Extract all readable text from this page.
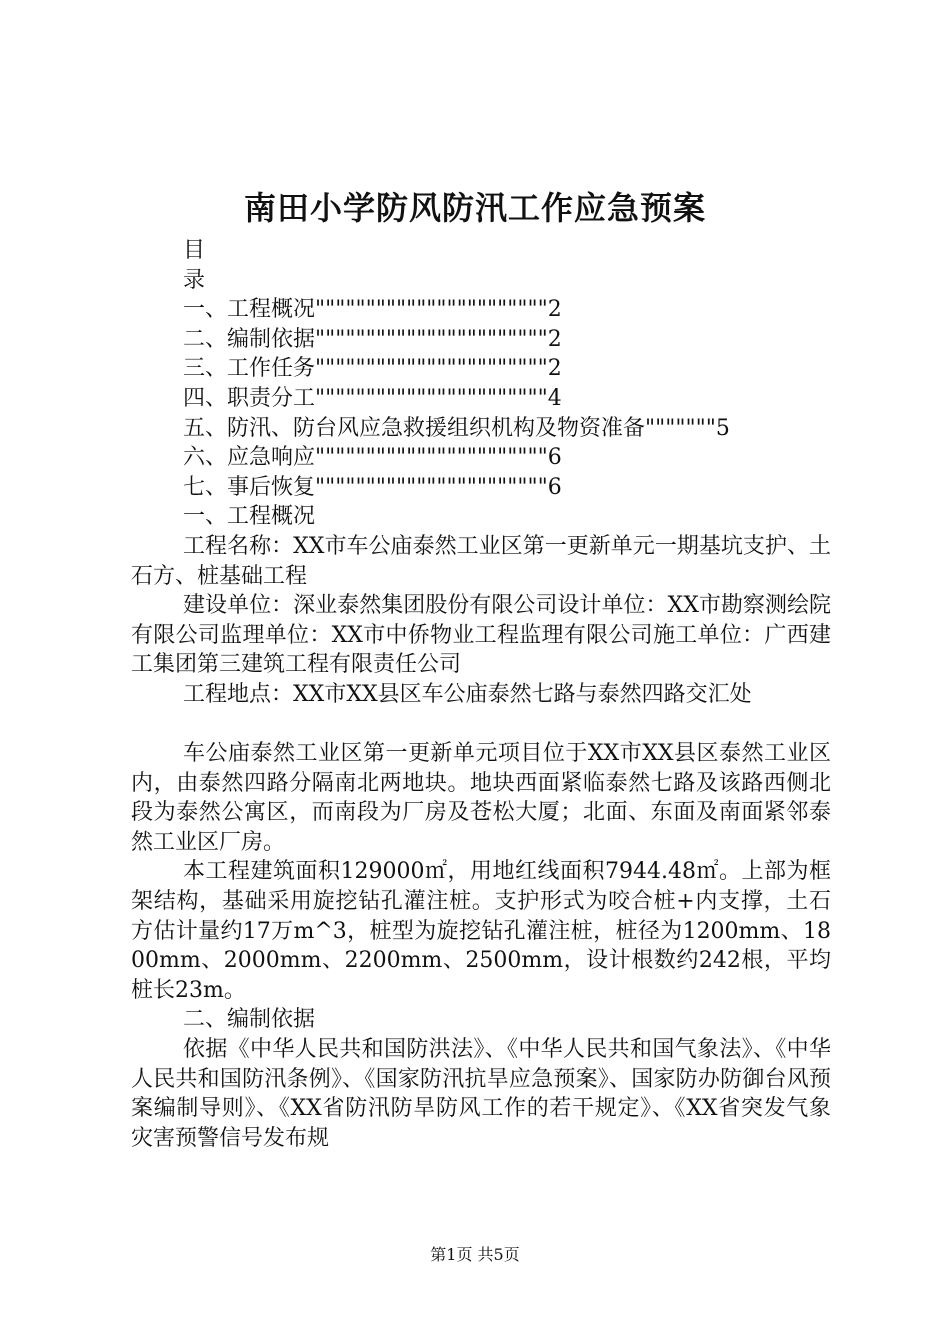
南田小学防风防汛工作应急预案
目
录
一、工程概况"""""""""""""""""""""""2
二、编制依据"""""""""""""""""""""""2
三、工作任务"""""""""""""""""""""""2
四、职责分工"""""""""""""""""""""""4
五、防汛、防台风应急救援组织机构及物资准备"""""""5
六、应急响应"""""""""""""""""""""""6
七、事后恢复"""""""""""""""""""""""6
一、工程概况
工程名称：XX市车公庙泰然工业区第一更新单元一期基坑支护、土石方、桩基础工程
建设单位：深业泰然集团股份有限公司设计单位：XX市勘察测绘院有限公司监理单位：XX市中侨物业工程监理有限公司施工单位：广西建工集团第三建筑工程有限责任公司
工程地点：XX市XX县区车公庙泰然七路与泰然四路交汇处
车公庙泰然工业区第一更新单元项目位于XX市XX县区泰然工业区内，由泰然四路分隔南北两地块。地块西面紧临泰然七路及该路西侧北段为泰然公寓区，而南段为厂房及苍松大厦；北面、东面及南面紧邻泰然工业区厂房。
本工程建筑面积129000㎡，用地红线面积7944.48㎡。上部为框架结构，基础采用旋挖钻孔灌注桩。支护形式为咬合桩+内支撑，土石方估计量约17万m^3，桩型为旋挖钻孔灌注桩，桩径为1200mm、1800mm、2000mm、2200mm、2500mm，设计根数约242根，平均桩长23m。
二、编制依据
依据《中华人民共和国防洪法》、《中华人民共和国气象法》、《中华人民共和国防汛条例》、《国家防汛抗旱应急预案》、国家防办防御台风预案编制导则》、《XX省防汛防旱防风工作的若干规定》、《XX省突发气象灾害预警信号发布规
第1页 共5页
